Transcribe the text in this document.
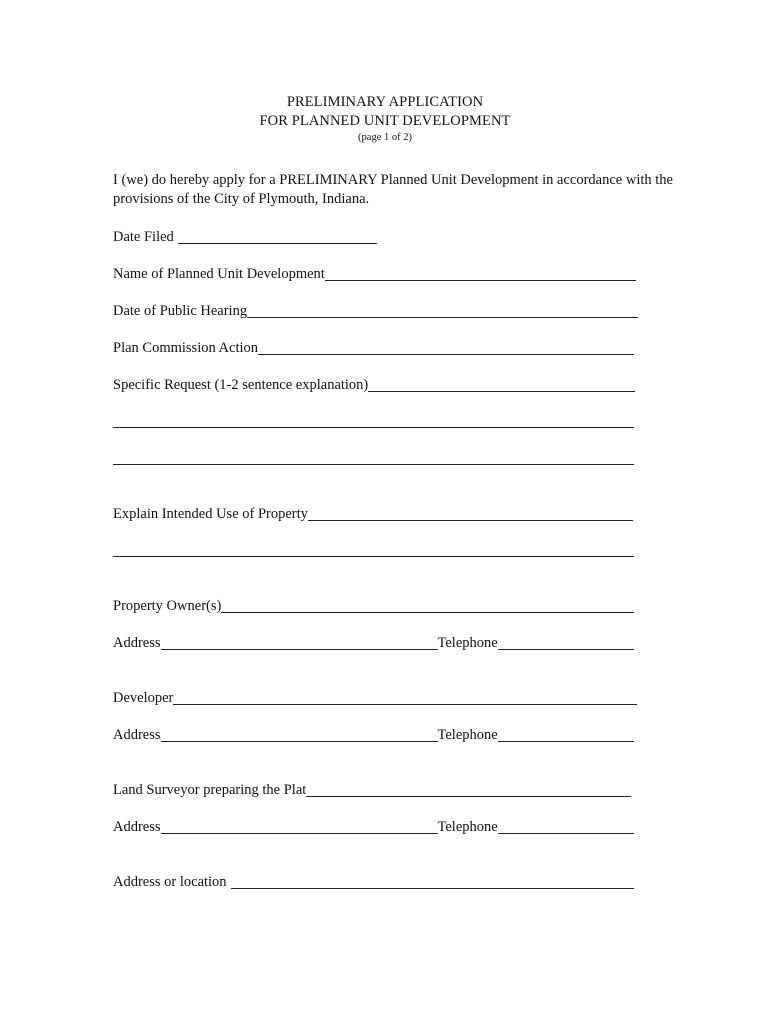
PRELIMINARY APPLICATION
FOR PLANNED UNIT DEVELOPMENT
(page 1 of 2)
I (we) do hereby apply for a PRELIMINARY Planned Unit Development in accordance with the provisions of the City of Plymouth, Indiana.
Date Filed
Name of Planned Unit Development
Date of Public Hearing
Plan Commission Action
Specific Request (1-2 sentence explanation)
Explain Intended Use of Property
Property Owner(s)
Address	Telephone
Developer
Address	Telephone
Land Surveyor preparing the Plat
Address	Telephone
Address or location
